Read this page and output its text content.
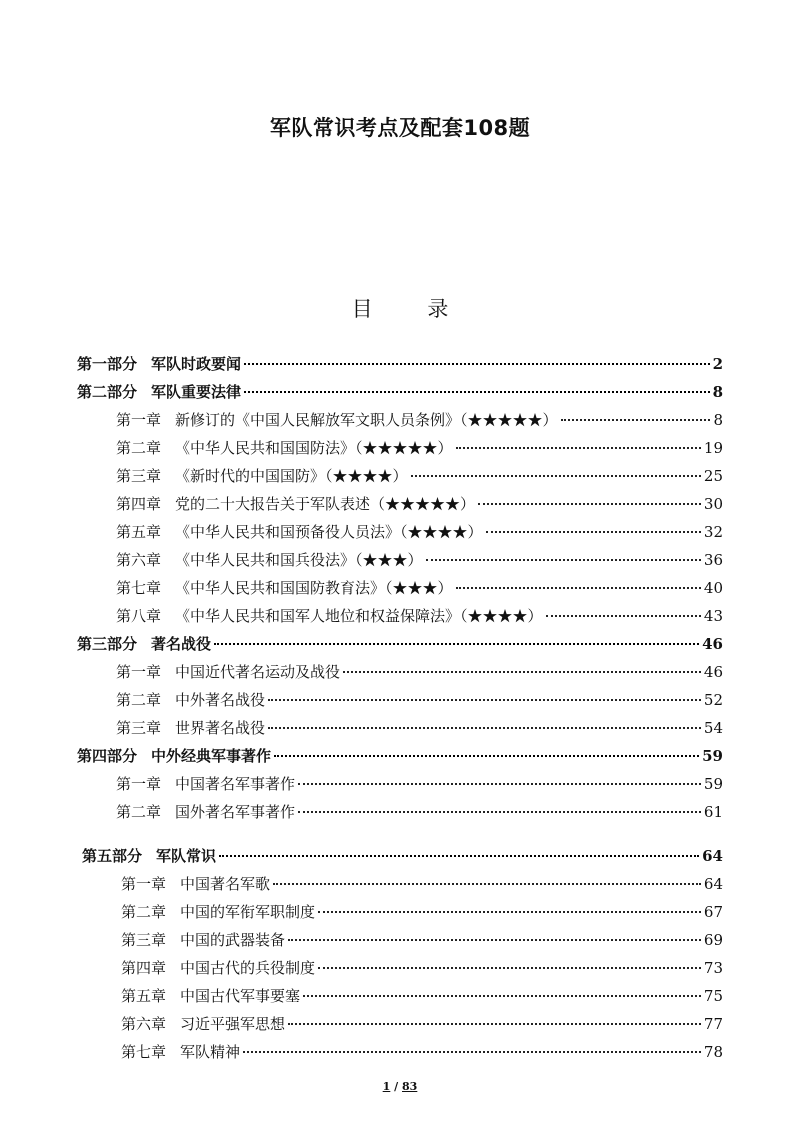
军队常识考点及配套108题
目 录
第一部分 军队时政要闻	2
第二部分 军队重要法律	8
第一章 新修订的《中国人民解放军文职人员条例》（★★★★★）	8
第二章 《中华人民共和国国防法》（★★★★★）	19
第三章 《新时代的中国国防》（★★★★）	25
第四章 党的二十大报告关于军队表述（★★★★★）	30
第五章 《中华人民共和国预备役人员法》（★★★★）	32
第六章 《中华人民共和国兵役法》（★★★）	36
第七章 《中华人民共和国国防教育法》（★★★）	40
第八章 《中华人民共和国军人地位和权益保障法》（★★★★）	43
第三部分 著名战役	46
第一章 中国近代著名运动及战役	46
第二章 中外著名战役	52
第三章 世界著名战役	54
第四部分 中外经典军事著作	59
第一章 中国著名军事著作	59
第二章 国外著名军事著作	61
第五部分 军队常识	64
第一章 中国著名军歌	64
第二章 中国的军衔军职制度	67
第三章 中国的武器装备	69
第四章 中国古代的兵役制度	73
第五章 中国古代军事要塞	75
第六章 习近平强军思想	77
第七章 军队精神	78
1 / 83
